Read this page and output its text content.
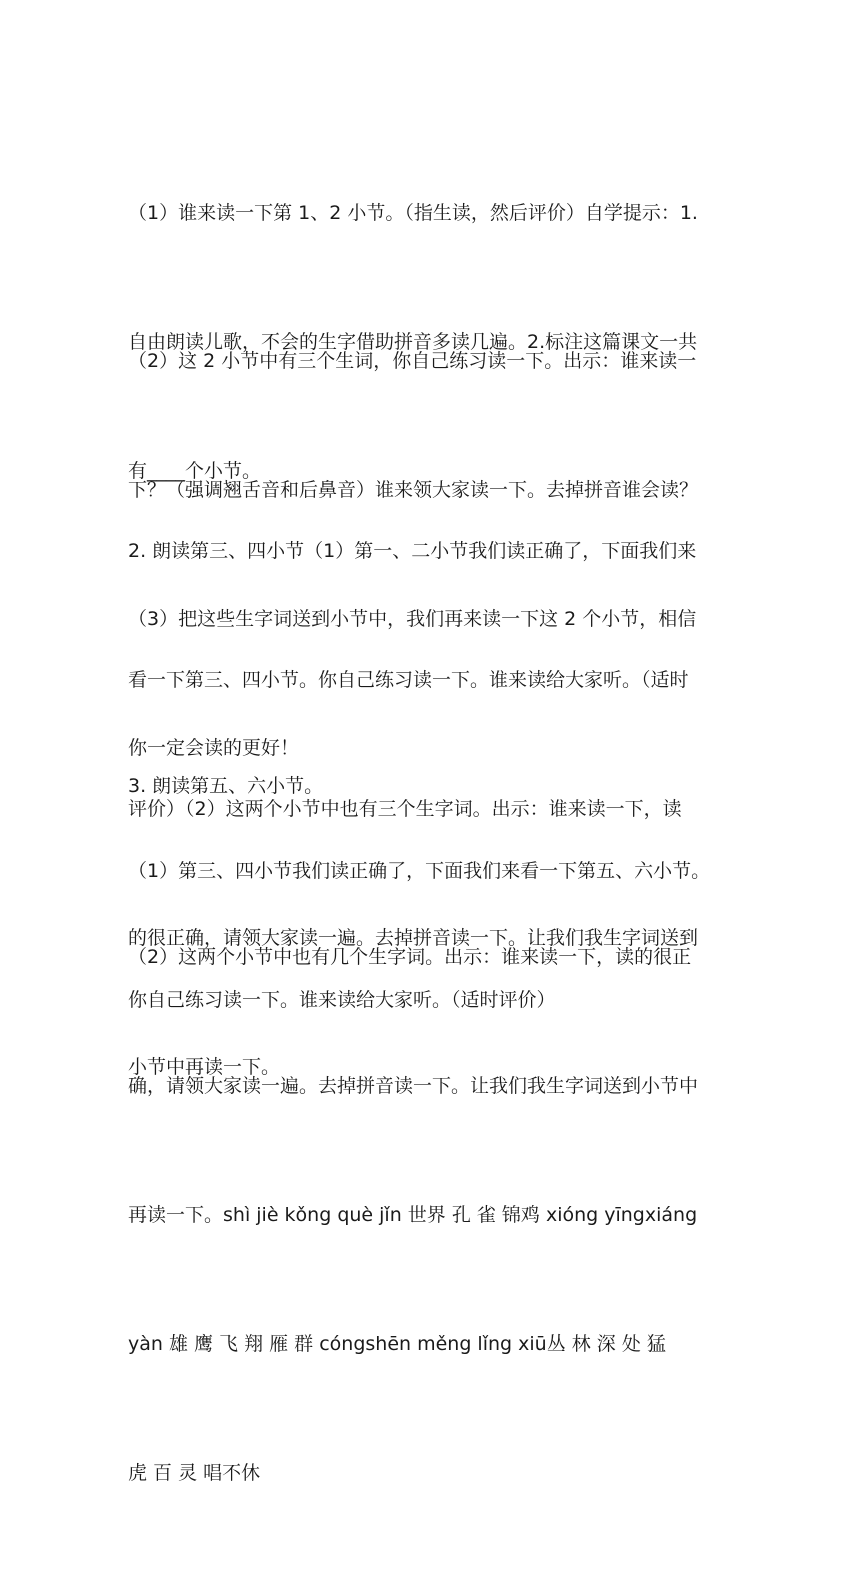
（1）谁来读一下第 1、2 小节。（指生读，然后评价）自学提示：1.

自由朗读儿歌，不会的生字借助拼音多读几遍。2.标注这篇课文一共

有____个小节。

（2）这 2 小节中有三个生词，你自己练习读一下。出示：谁来读一

下？（强调翘舌音和后鼻音）谁来领大家读一下。去掉拼音谁会读？

（3）把这些生字词送到小节中，我们再来读一下这 2 个小节，相信

你一定会读的更好！

2. 朗读第三、四小节（1）第一、二小节我们读正确了，下面我们来

看一下第三、四小节。你自己练习读一下。谁来读给大家听。（适时

评价）（2）这两个小节中也有三个生字词。出示：谁来读一下，读

的很正确，请领大家读一遍。去掉拼音读一下。让我们我生字词送到

小节中再读一下。

3. 朗读第五、六小节。

（1）第三、四小节我们读正确了，下面我们来看一下第五、六小节。

你自己练习读一下。谁来读给大家听。（适时评价）

（2）这两个小节中也有几个生字词。出示：谁来读一下，读的很正

确，请领大家读一遍。去掉拼音读一下。让我们我生字词送到小节中

再读一下。shì jiè kǒng què jǐn 世界 孔 雀 锦鸡 xióng yīngxiáng

yàn 雄 鹰 飞 翔 雁 群 cóngshēn měng lǐng xiū丛 林 深 处 猛

虎 百 灵 唱不休
